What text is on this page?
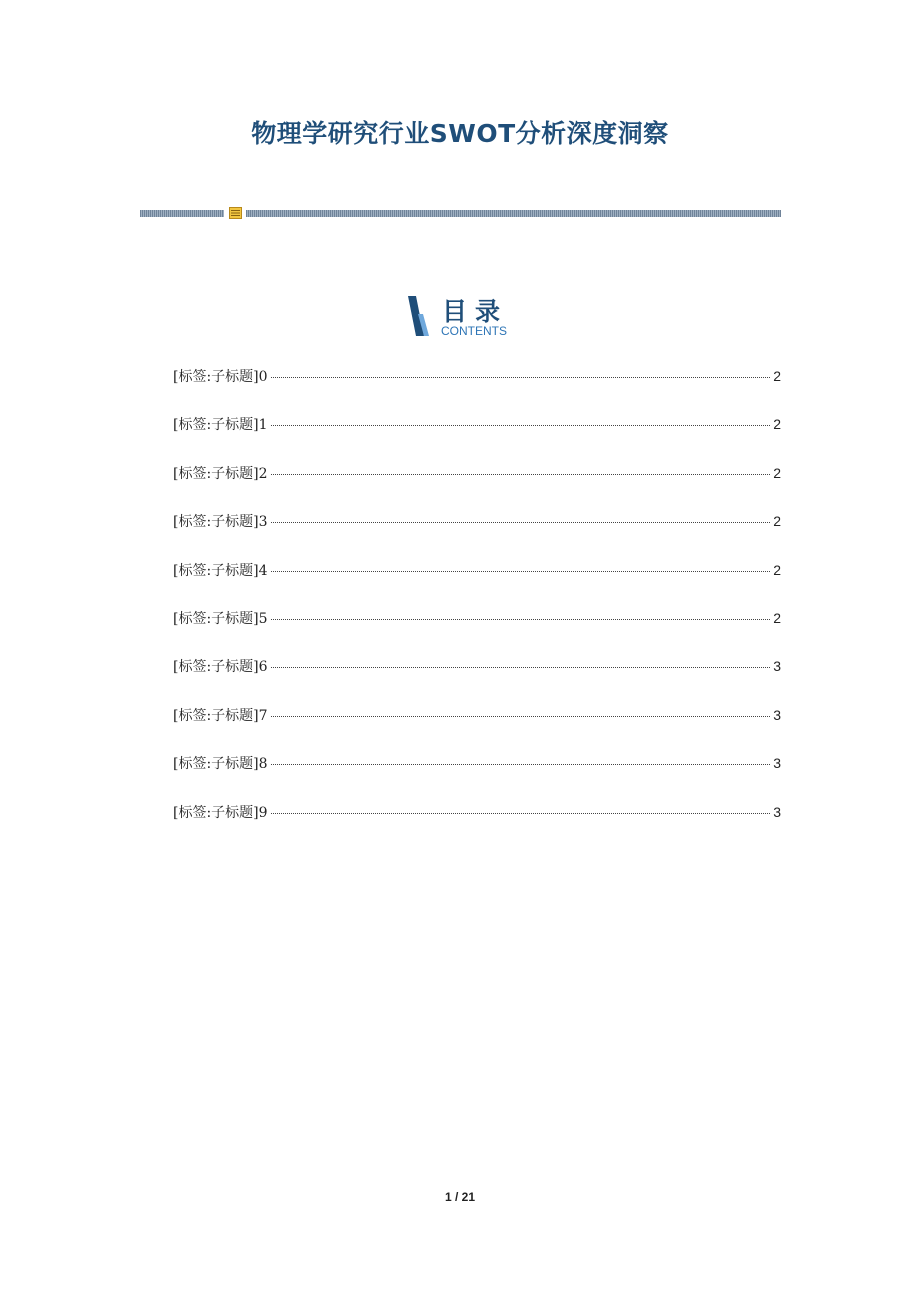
物理学研究行业SWOT分析深度洞察
目录
CONTENTS
[标签:子标题]0	2
[标签:子标题]1	2
[标签:子标题]2	2
[标签:子标题]3	2
[标签:子标题]4	2
[标签:子标题]5	2
[标签:子标题]6	3
[标签:子标题]7	3
[标签:子标题]8	3
[标签:子标题]9	3
1 / 21
